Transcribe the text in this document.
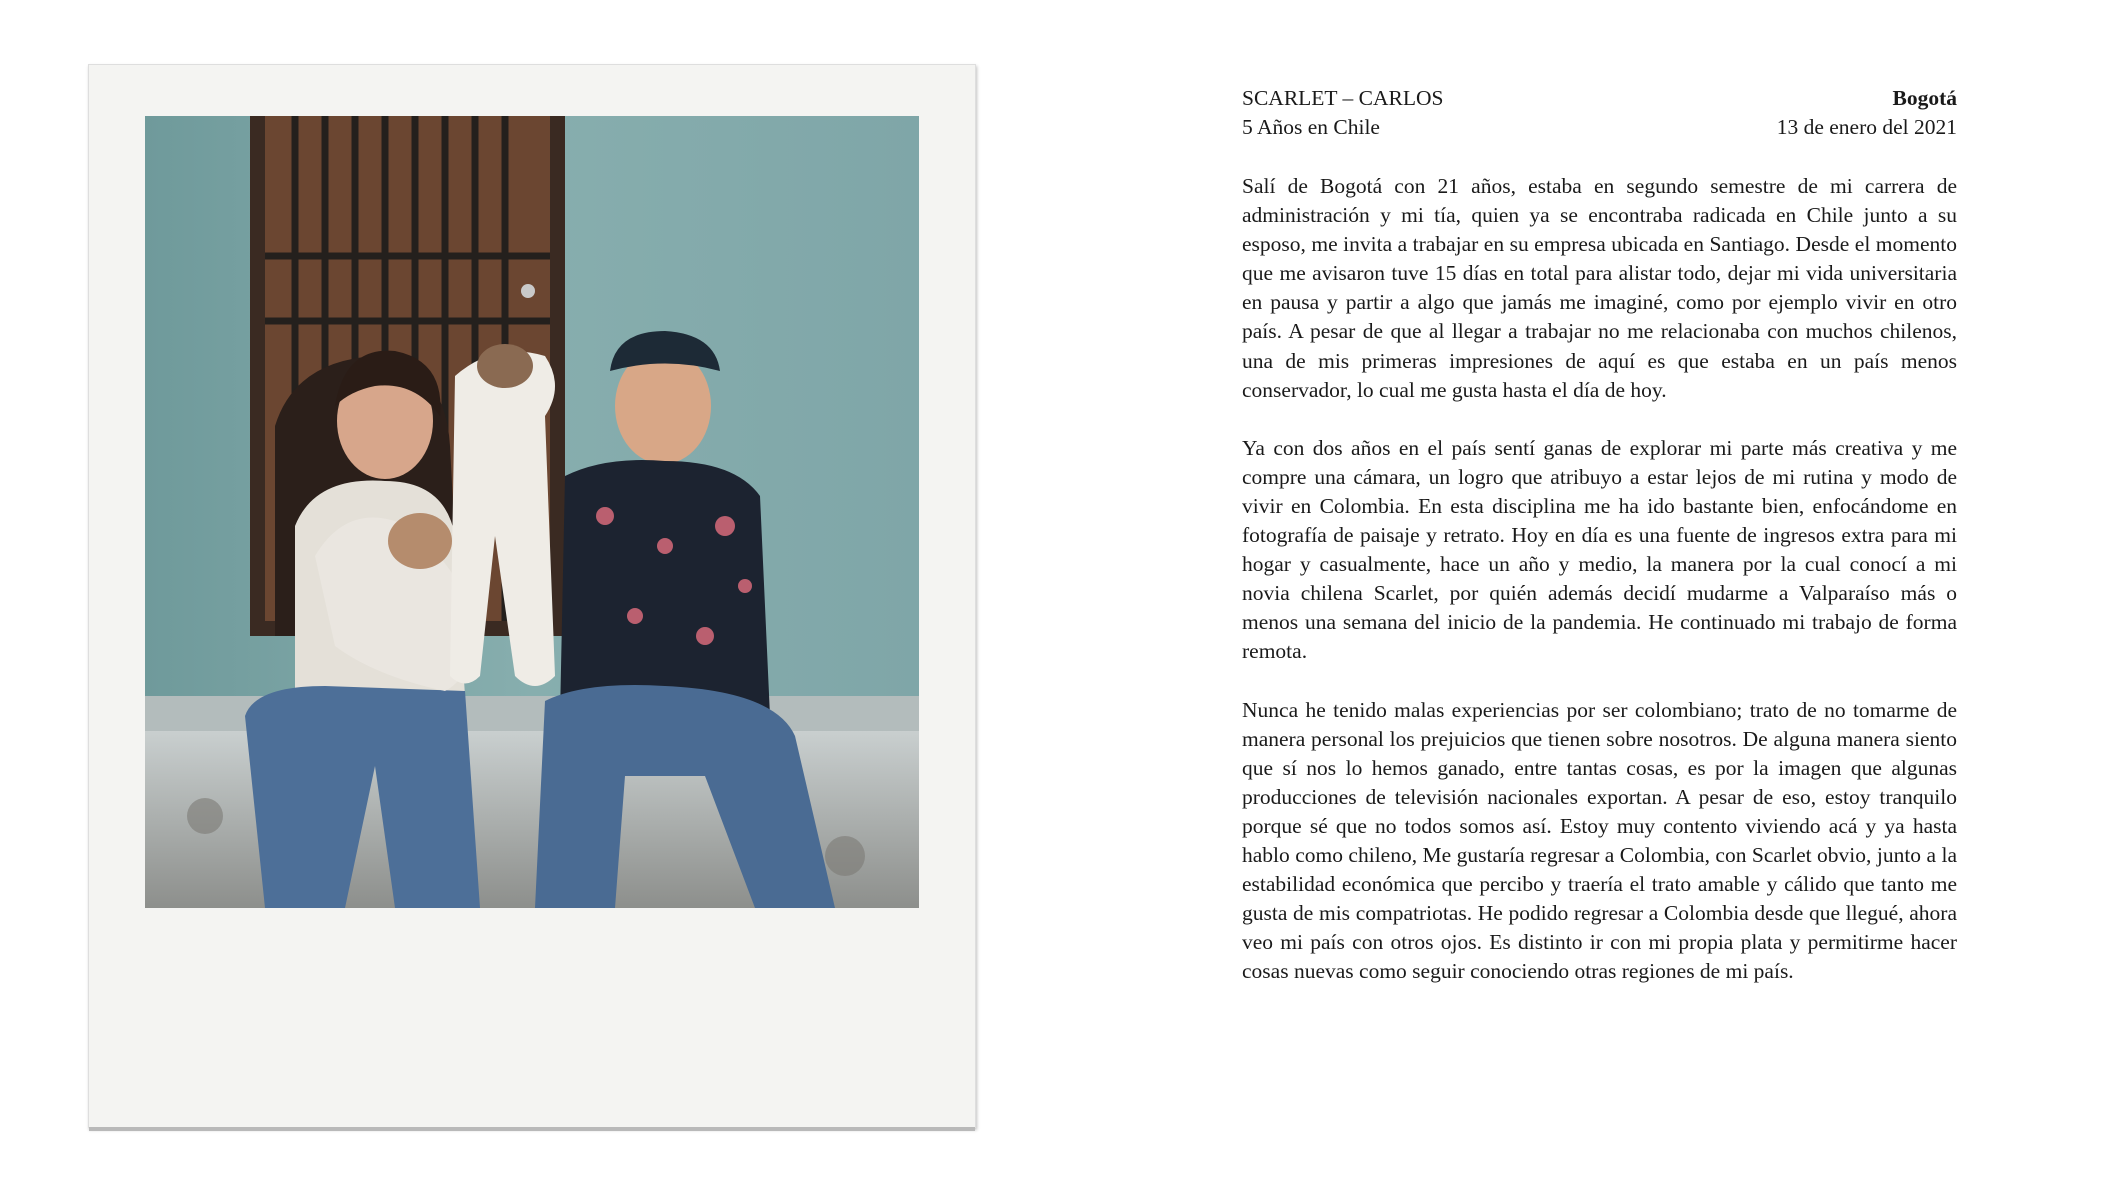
SCARLET – CARLOS
5 Años en Chile
Bogotá
13 de enero del 2021

Salí de Bogotá con 21 años, estaba en segundo semestre de mi carrera de administración y mi tía, quien ya se encontraba radicada en Chile junto a su esposo, me invita a trabajar en su empresa ubicada en Santiago. Desde el momento que me avisaron tuve 15 días en total para alistar todo, dejar mi vida universitaria en pausa y partir a algo que jamás me imaginé, como por ejemplo vivir en otro país. A pesar de que al llegar a trabajar no me relacionaba con muchos chilenos, una de mis primeras impresiones de aquí es que estaba en un país menos conservador, lo cual me gusta hasta el día de hoy.

Ya con dos años en el país sentí ganas de explorar mi parte más creativa y me compre una cámara, un logro que atribuyo a estar lejos de mi rutina y modo de vivir en Colombia. En esta disciplina me ha ido bastante bien, enfocándome en fotografía de paisaje y retrato. Hoy en día es una fuente de ingresos extra para mi hogar y casualmente, hace un año y medio, la manera por la cual conocí a mi novia chilena Scarlet, por quién además decidí mudarme a Valparaíso más o menos una semana del inicio de la pandemia. He continuado mi trabajo de forma remota.

Nunca he tenido malas experiencias por ser colombiano; trato de no tomarme de manera personal los prejuicios que tienen sobre nosotros. De alguna manera siento que sí nos lo hemos ganado, entre tantas cosas, es por la imagen que algunas producciones de televisión nacionales exportan. A pesar de eso, estoy tranquilo porque sé que no todos somos así. Estoy muy contento viviendo acá y ya hasta hablo como chileno, Me gustaría regresar a Colombia, con Scarlet obvio, junto a la estabilidad económica que percibo y traería el trato amable y cálido que tanto me gusta de mis compatriotas. He podido regresar a Colombia desde que llegué, ahora veo mi país con otros ojos. Es distinto ir con mi propia plata y permitirme hacer cosas nuevas como seguir conociendo otras regiones de mi país.
